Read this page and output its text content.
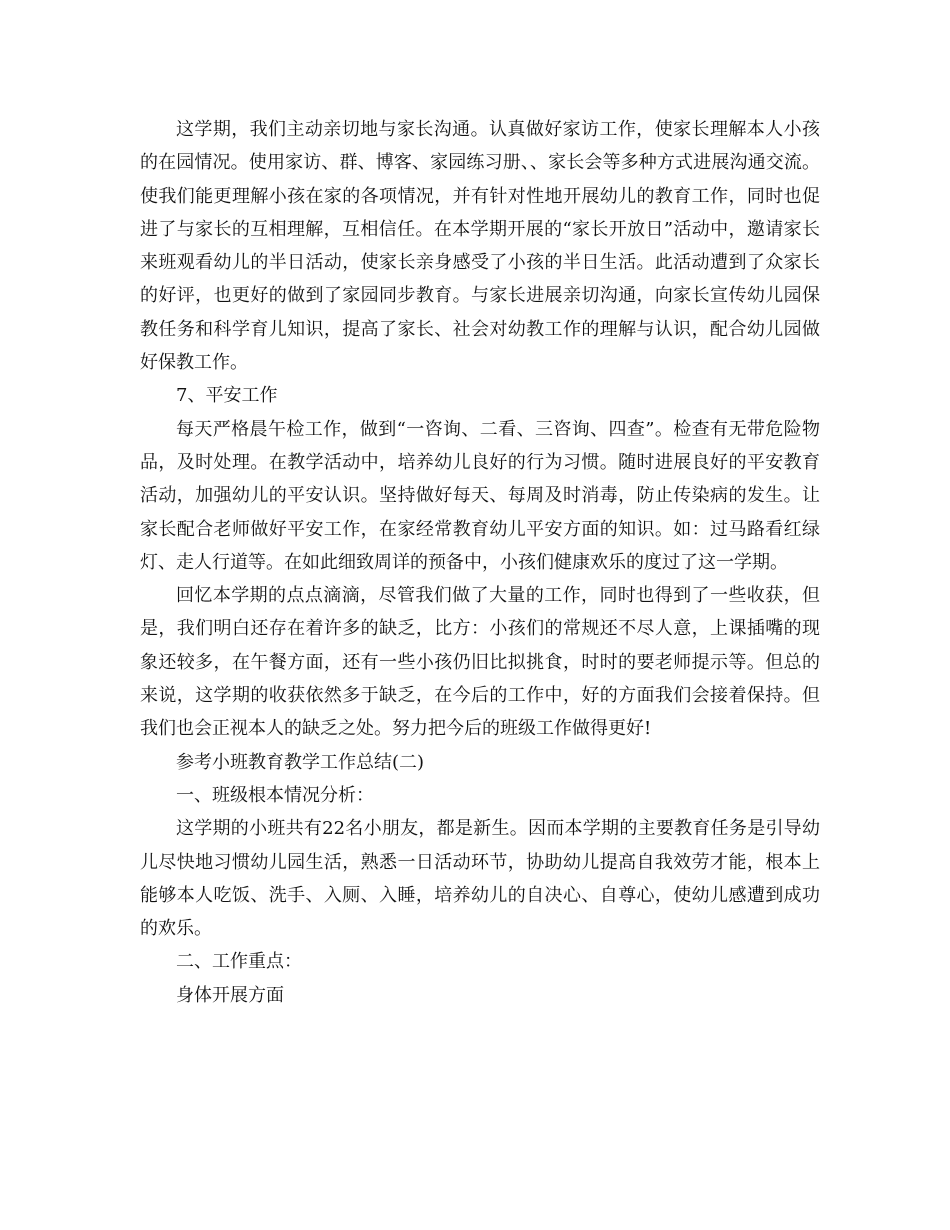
这学期，我们主动亲切地与家长沟通。认真做好家访工作，使家长理解本人小孩的在园情况。使用家访、群、博客、家园练习册、、家长会等多种方式进展沟通交流。使我们能更理解小孩在家的各项情况，并有针对性地开展幼儿的教育工作，同时也促进了与家长的互相理解，互相信任。在本学期开展的“家长开放日”活动中，邀请家长来班观看幼儿的半日活动，使家长亲身感受了小孩的半日生活。此活动遭到了众家长的好评，也更好的做到了家园同步教育。与家长进展亲切沟通，向家长宣传幼儿园保教任务和科学育儿知识，提高了家长、社会对幼教工作的理解与认识，配合幼儿园做好保教工作。

7、平安工作

每天严格晨午检工作，做到“一咨询、二看、三咨询、四查”。检查有无带危险物品，及时处理。在教学活动中，培养幼儿良好的行为习惯。随时进展良好的平安教育活动，加强幼儿的平安认识。坚持做好每天、每周及时消毒，防止传染病的发生。让家长配合老师做好平安工作，在家经常教育幼儿平安方面的知识。如：过马路看红绿灯、走人行道等。在如此细致周详的预备中，小孩们健康欢乐的度过了这一学期。

回忆本学期的点点滴滴，尽管我们做了大量的工作，同时也得到了一些收获，但是，我们明白还存在着许多的缺乏，比方：小孩们的常规还不尽人意，上课插嘴的现象还较多，在午餐方面，还有一些小孩仍旧比拟挑食，时时的要老师提示等。但总的来说，这学期的收获依然多于缺乏，在今后的工作中，好的方面我们会接着保持。但我们也会正视本人的缺乏之处。努力把今后的班级工作做得更好!

参考小班教育教学工作总结(二)

一、班级根本情况分析：

这学期的小班共有22名小朋友，都是新生。因而本学期的主要教育任务是引导幼儿尽快地习惯幼儿园生活，熟悉一日活动环节，协助幼儿提高自我效劳才能，根本上能够本人吃饭、洗手、入厕、入睡，培养幼儿的自决心、自尊心，使幼儿感遭到成功的欢乐。

二、工作重点：

身体开展方面
